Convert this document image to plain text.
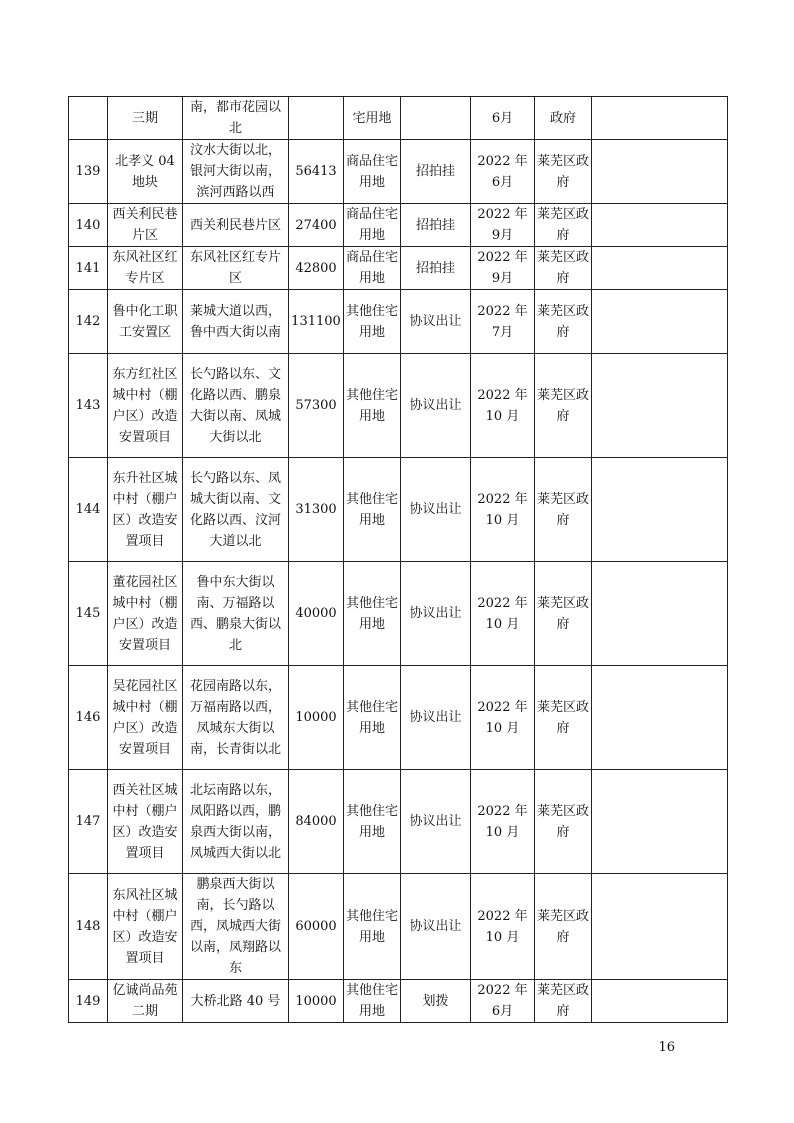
	三期	南，都市花园以北		宅用地		6月	政府	
139	北孝义 04 地块	汶水大街以北，银河大街以南，滨河西路以西	56413	商品住宅用地	招拍挂	2022 年 6月	莱芜区政府	
140	西关利民巷片区	西关利民巷片区	27400	商品住宅用地	招拍挂	2022 年 9月	莱芜区政府	
141	东风社区红专片区	东风社区红专片区	42800	商品住宅用地	招拍挂	2022 年 9月	莱芜区政府	
142	鲁中化工职工安置区	莱城大道以西，鲁中西大街以南	131100	其他住宅用地	协议出让	2022 年 7月	莱芜区政府	
143	东方红社区城中村（棚户区）改造安置项目	长勺路以东、文化路以西、鹏泉大街以南、凤城大街以北	57300	其他住宅用地	协议出让	2022 年 10 月	莱芜区政府	
144	东升社区城中村（棚户区）改造安置项目	长勺路以东、凤城大街以南、文化路以西、汶河大道以北	31300	其他住宅用地	协议出让	2022 年 10 月	莱芜区政府	
145	董花园社区城中村（棚户区）改造安置项目	鲁中东大街以南、万福路以西、鹏泉大街以北	40000	其他住宅用地	协议出让	2022 年 10 月	莱芜区政府	
146	吴花园社区城中村（棚户区）改造安置项目	花园南路以东，万福南路以西，凤城东大街以南，长青街以北	10000	其他住宅用地	协议出让	2022 年 10 月	莱芜区政府	
147	西关社区城中村（棚户区）改造安置项目	北坛南路以东，凤阳路以西，鹏泉西大街以南，凤城西大街以北	84000	其他住宅用地	协议出让	2022 年 10 月	莱芜区政府	
148	东风社区城中村（棚户区）改造安置项目	鹏泉西大街以南，长勺路以西，凤城西大街以南，凤翔路以东	60000	其他住宅用地	协议出让	2022 年 10 月	莱芜区政府	
149	亿诚尚品苑二期	大桥北路 40 号	10000	其他住宅用地	划拨	2022 年 6月	莱芜区政府	
16
